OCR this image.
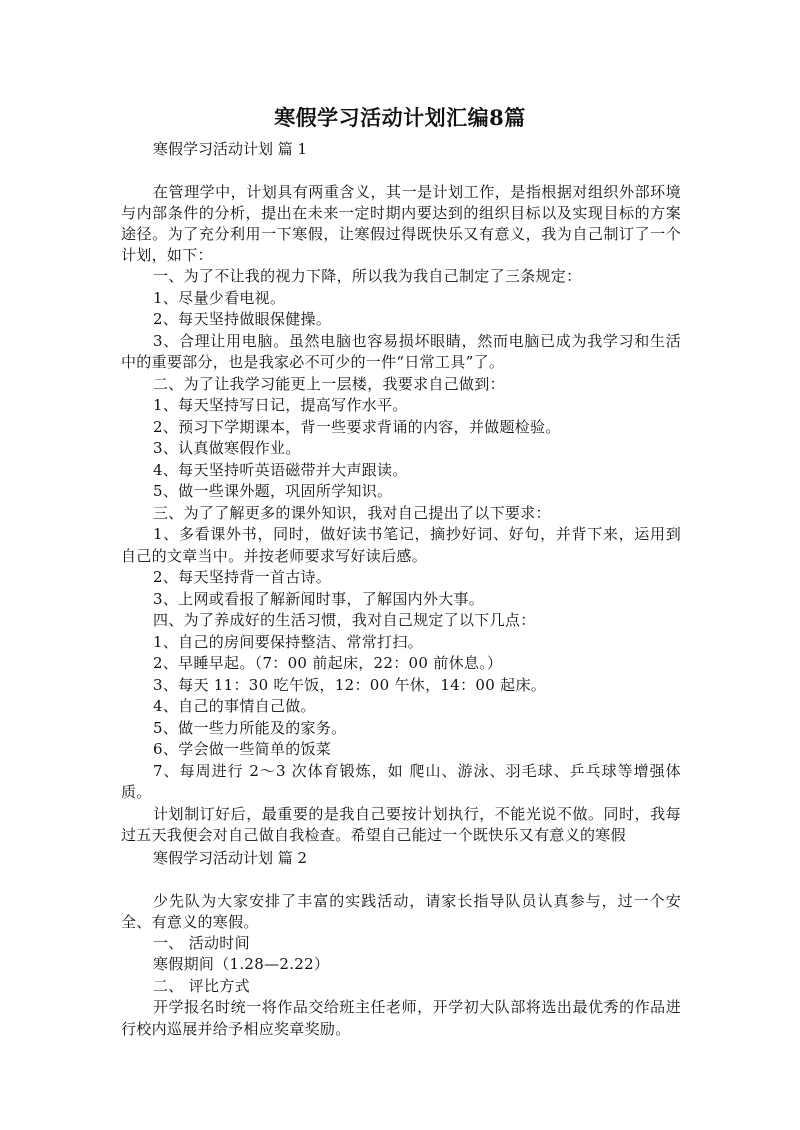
寒假学习活动计划汇编8篇

寒假学习活动计划 篇 1

在管理学中，计划具有两重含义，其一是计划工作，是指根据对组织外部环境与内部条件的分析，提出在未来一定时期内要达到的组织目标以及实现目标的方案途径。为了充分利用一下寒假，让寒假过得既快乐又有意义，我为自己制订了一个计划，如下：

一、为了不让我的视力下降，所以我为我自己制定了三条规定：

1、尽量少看电视。

2、每天坚持做眼保健操。

3、合理让用电脑。虽然电脑也容易损坏眼睛，然而电脑已成为我学习和生活中的重要部分，也是我家必不可少的一件“日常工具”了。

二、为了让我学习能更上一层楼，我要求自己做到：

1、每天坚持写日记，提高写作水平。

2、预习下学期课本，背一些要求背诵的内容，并做题检验。

3、认真做寒假作业。

4、每天坚持听英语磁带并大声跟读。

5、做一些课外题，巩固所学知识。

三、为了了解更多的课外知识，我对自己提出了以下要求：

1、多看课外书，同时，做好读书笔记，摘抄好词、好句，并背下来，运用到自己的文章当中。并按老师要求写好读后感。

2、每天坚持背一首古诗。

3、上网或看报了解新闻时事，了解国内外大事。

四、为了养成好的生活习惯，我对自己规定了以下几点：

1、自己的房间要保持整洁、常常打扫。

2、早睡早起。（7：00 前起床，22：00 前休息。）

3、每天 11：30 吃午饭，12：00 午休，14：00 起床。

4、自己的事情自己做。

5、做一些力所能及的家务。

6、学会做一些简单的饭菜

7、每周进行 2～3 次体育锻炼，如 爬山、游泳、羽毛球、乒乓球等增强体质。

计划制订好后，最重要的是我自己要按计划执行，不能光说不做。同时，我每过五天我便会对自己做自我检查。希望自己能过一个既快乐又有意义的寒假

寒假学习活动计划 篇 2

少先队为大家安排了丰富的实践活动，请家长指导队员认真参与，过一个安全、有意义的寒假。

一、 活动时间

寒假期间（1.28—2.22）

二、 评比方式

开学报名时统一将作品交给班主任老师，开学初大队部将选出最优秀的作品进行校内巡展并给予相应奖章奖励。
